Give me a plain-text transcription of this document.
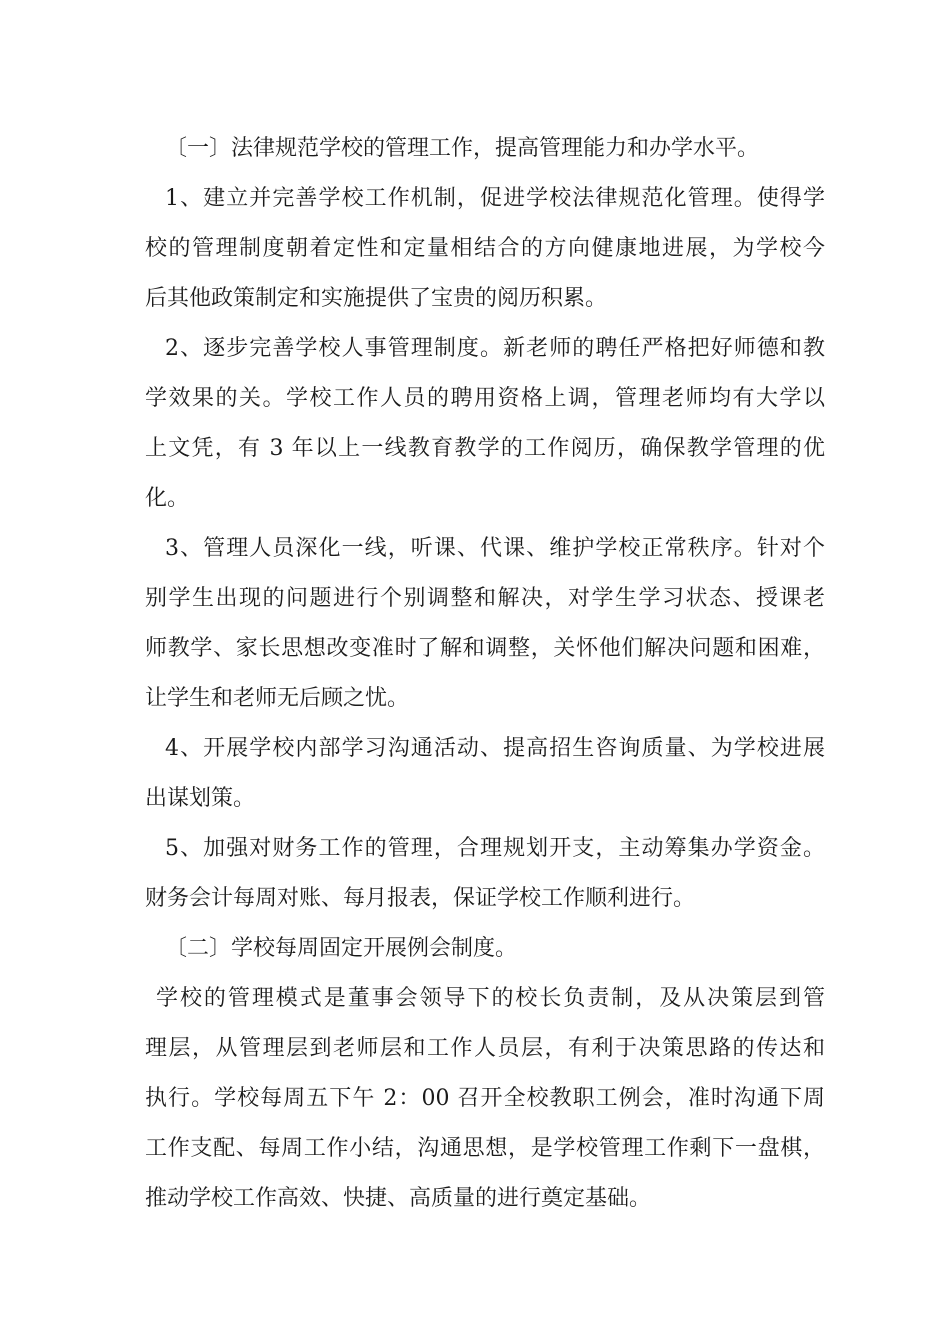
〔一〕法律规范学校的管理工作，提高管理能力和办学水平。
1、建立并完善学校工作机制，促进学校法律规范化管理。使得学
校的管理制度朝着定性和定量相结合的方向健康地进展，为学校今
后其他政策制定和实施提供了宝贵的阅历积累。
2、逐步完善学校人事管理制度。新老师的聘任严格把好师德和教
学效果的关。学校工作人员的聘用资格上调，管理老师均有大学以
上文凭，有 3 年以上一线教育教学的工作阅历，确保教学管理的优
化。
3、管理人员深化一线，听课、代课、维护学校正常秩序。针对个
别学生出现的问题进行个别调整和解决，对学生学习状态、授课老
师教学、家长思想改变准时了解和调整，关怀他们解决问题和困难，
让学生和老师无后顾之忧。
4、开展学校内部学习沟通活动、提高招生咨询质量、为学校进展
出谋划策。
5、加强对财务工作的管理，合理规划开支，主动筹集办学资金。
财务会计每周对账、每月报表，保证学校工作顺利进行。
〔二〕学校每周固定开展例会制度。
学校的管理模式是董事会领导下的校长负责制，及从决策层到管
理层，从管理层到老师层和工作人员层，有利于决策思路的传达和
执行。学校每周五下午 2：00 召开全校教职工例会，准时沟通下周
工作支配、每周工作小结，沟通思想，是学校管理工作剩下一盘棋，
推动学校工作高效、快捷、高质量的进行奠定基础。
